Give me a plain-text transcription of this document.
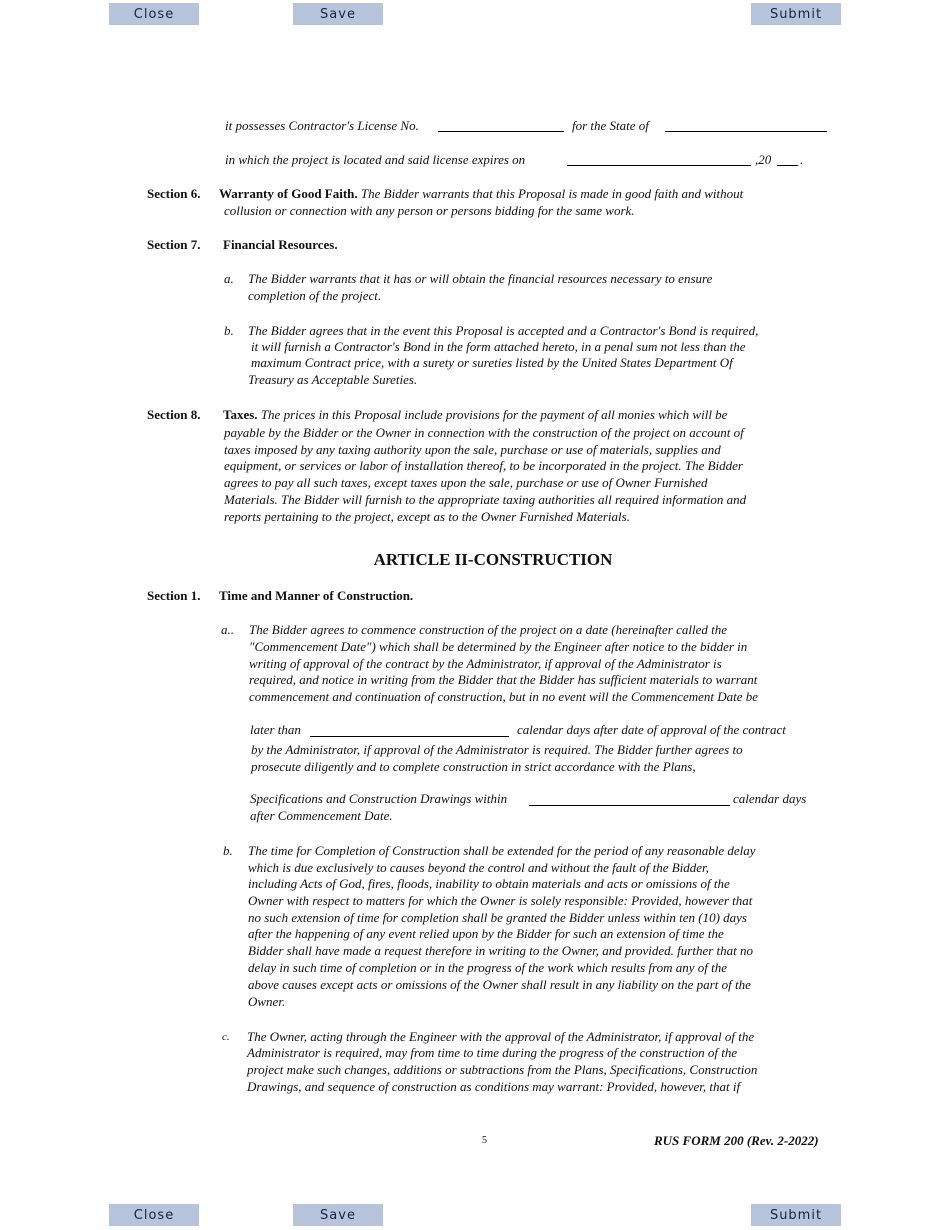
Close	Save	Submit
it possesses Contractor's License No.	for the State of
in which the project is located and said license expires on	,20 .
Section 6. Warranty of Good Faith. The Bidder warrants that this Proposal is made in good faith and without
collusion or connection with any person or persons bidding for the same work.
Section 7. Financial Resources.
a. The Bidder warrants that it has or will obtain the financial resources necessary to ensure
completion of the project.
b. The Bidder agrees that in the event this Proposal is accepted and a Contractor's Bond is required,
it will furnish a Contractor's Bond in the form attached hereto, in a penal sum not less than the
maximum Contract price, with a surety or sureties listed by the United States Department Of
Treasury as Acceptable Sureties.
Section 8. Taxes. The prices in this Proposal include provisions for the payment of all monies which will be
payable by the Bidder or the Owner in connection with the construction of the project on account of
taxes imposed by any taxing authority upon the sale, purchase or use of materials, supplies and
equipment, or services or labor of installation thereof, to be incorporated in the project. The Bidder
agrees to pay all such taxes, except taxes upon the sale, purchase or use of Owner Furnished
Materials. The Bidder will furnish to the appropriate taxing authorities all required information and
reports pertaining to the project, except as to the Owner Furnished Materials.
ARTICLE II-CONSTRUCTION
Section 1. Time and Manner of Construction.
a.. The Bidder agrees to commence construction of the project on a date (hereinafter called the
"Commencement Date") which shall be determined by the Engineer after notice to the bidder in
writing of approval of the contract by the Administrator, if approval of the Administrator is
required, and notice in writing from the Bidder that the Bidder has sufficient materials to warrant
commencement and continuation of construction, but in no event will the Commencement Date be
later than	calendar days after date of approval of the contract
by the Administrator, if approval of the Administrator is required. The Bidder further agrees to
prosecute diligently and to complete construction in strict accordance with the Plans,
Specifications and Construction Drawings within	calendar days
after Commencement Date.
b. The time for Completion of Construction shall be extended for the period of any reasonable delay
which is due exclusively to causes beyond the control and without the fault of the Bidder,
including Acts of God, fires, floods, inability to obtain materials and acts or omissions of the
Owner with respect to matters for which the Owner is solely responsible: Provided, however that
no such extension of time for completion shall be granted the Bidder unless within ten (10) days
after the happening of any event relied upon by the Bidder for such an extension of time the
Bidder shall have made a request therefore in writing to the Owner, and provided. further that no
delay in such time of completion or in the progress of the work which results from any of the
above causes except acts or omissions of the Owner shall result in any liability on the part of the
Owner.
c. The Owner, acting through the Engineer with the approval of the Administrator, if approval of the
Administrator is required, may from time to time during the progress of the construction of the
project make such changes, additions or subtractions from the Plans, Specifications, Construction
Drawings, and sequence of construction as conditions may warrant: Provided, however, that if
5	RUS FORM 200 (Rev. 2-2022)
Close	Save	Submit
